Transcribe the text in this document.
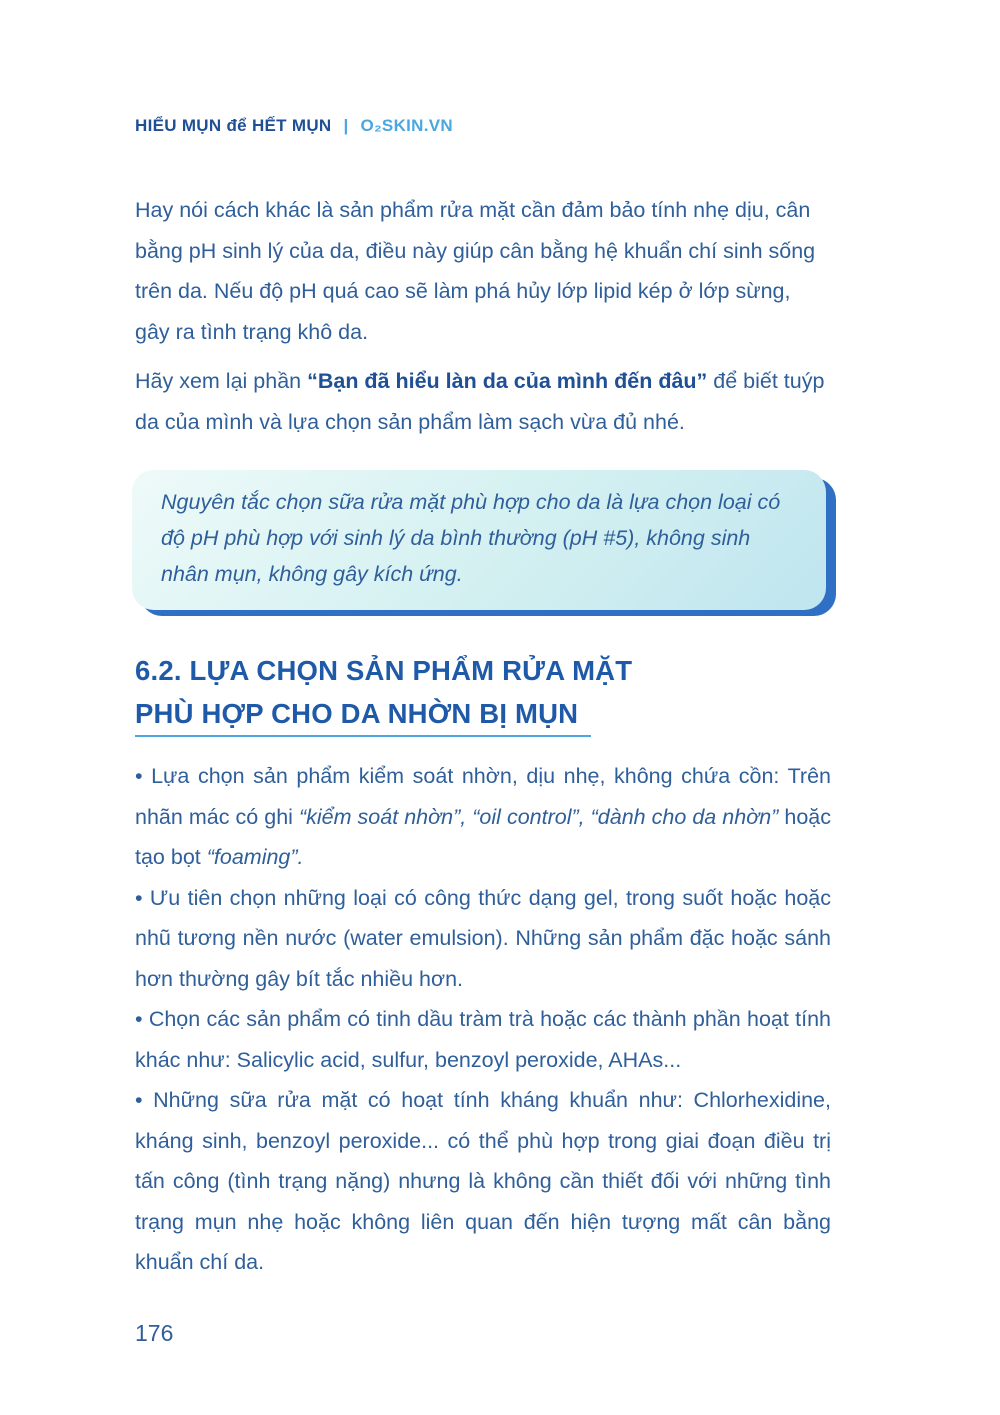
HIỂU MỤN để HẾT MỤN | O₂SKIN.VN

Hay nói cách khác là sản phẩm rửa mặt cần đảm bảo tính nhẹ dịu, cân bằng pH sinh lý của da, điều này giúp cân bằng hệ khuẩn chí sinh sống trên da. Nếu độ pH quá cao sẽ làm phá hủy lớp lipid kép ở lớp sừng, gây ra tình trạng khô da.

Hãy xem lại phần “Bạn đã hiểu làn da của mình đến đâu” để biết tuýp da của mình và lựa chọn sản phẩm làm sạch vừa đủ nhé.

Nguyên tắc chọn sữa rửa mặt phù hợp cho da là lựa chọn loại có độ pH phù hợp với sinh lý da bình thường (pH #5), không sinh nhân mụn, không gây kích ứng.

6.2. LỰA CHỌN SẢN PHẨM RỬA MẶT
PHÙ HỢP CHO DA NHỜN BỊ MỤN

• Lựa chọn sản phẩm kiểm soát nhờn, dịu nhẹ, không chứa cồn: Trên nhãn mác có ghi “kiểm soát nhờn”, “oil control”, “dành cho da nhờn” hoặc tạo bọt “foaming”.

• Ưu tiên chọn những loại có công thức dạng gel, trong suốt hoặc hoặc nhũ tương nền nước (water emulsion). Những sản phẩm đặc hoặc sánh hơn thường gây bít tắc nhiều hơn.

• Chọn các sản phẩm có tinh dầu tràm trà hoặc các thành phần hoạt tính khác như: Salicylic acid, sulfur, benzoyl peroxide, AHAs...

• Những sữa rửa mặt có hoạt tính kháng khuẩn như: Chlorhexidine, kháng sinh, benzoyl peroxide... có thể phù hợp trong giai đoạn điều trị tấn công (tình trạng nặng) nhưng là không cần thiết đối với những tình trạng mụn nhẹ hoặc không liên quan đến hiện tượng mất cân bằng khuẩn chí da.

176
